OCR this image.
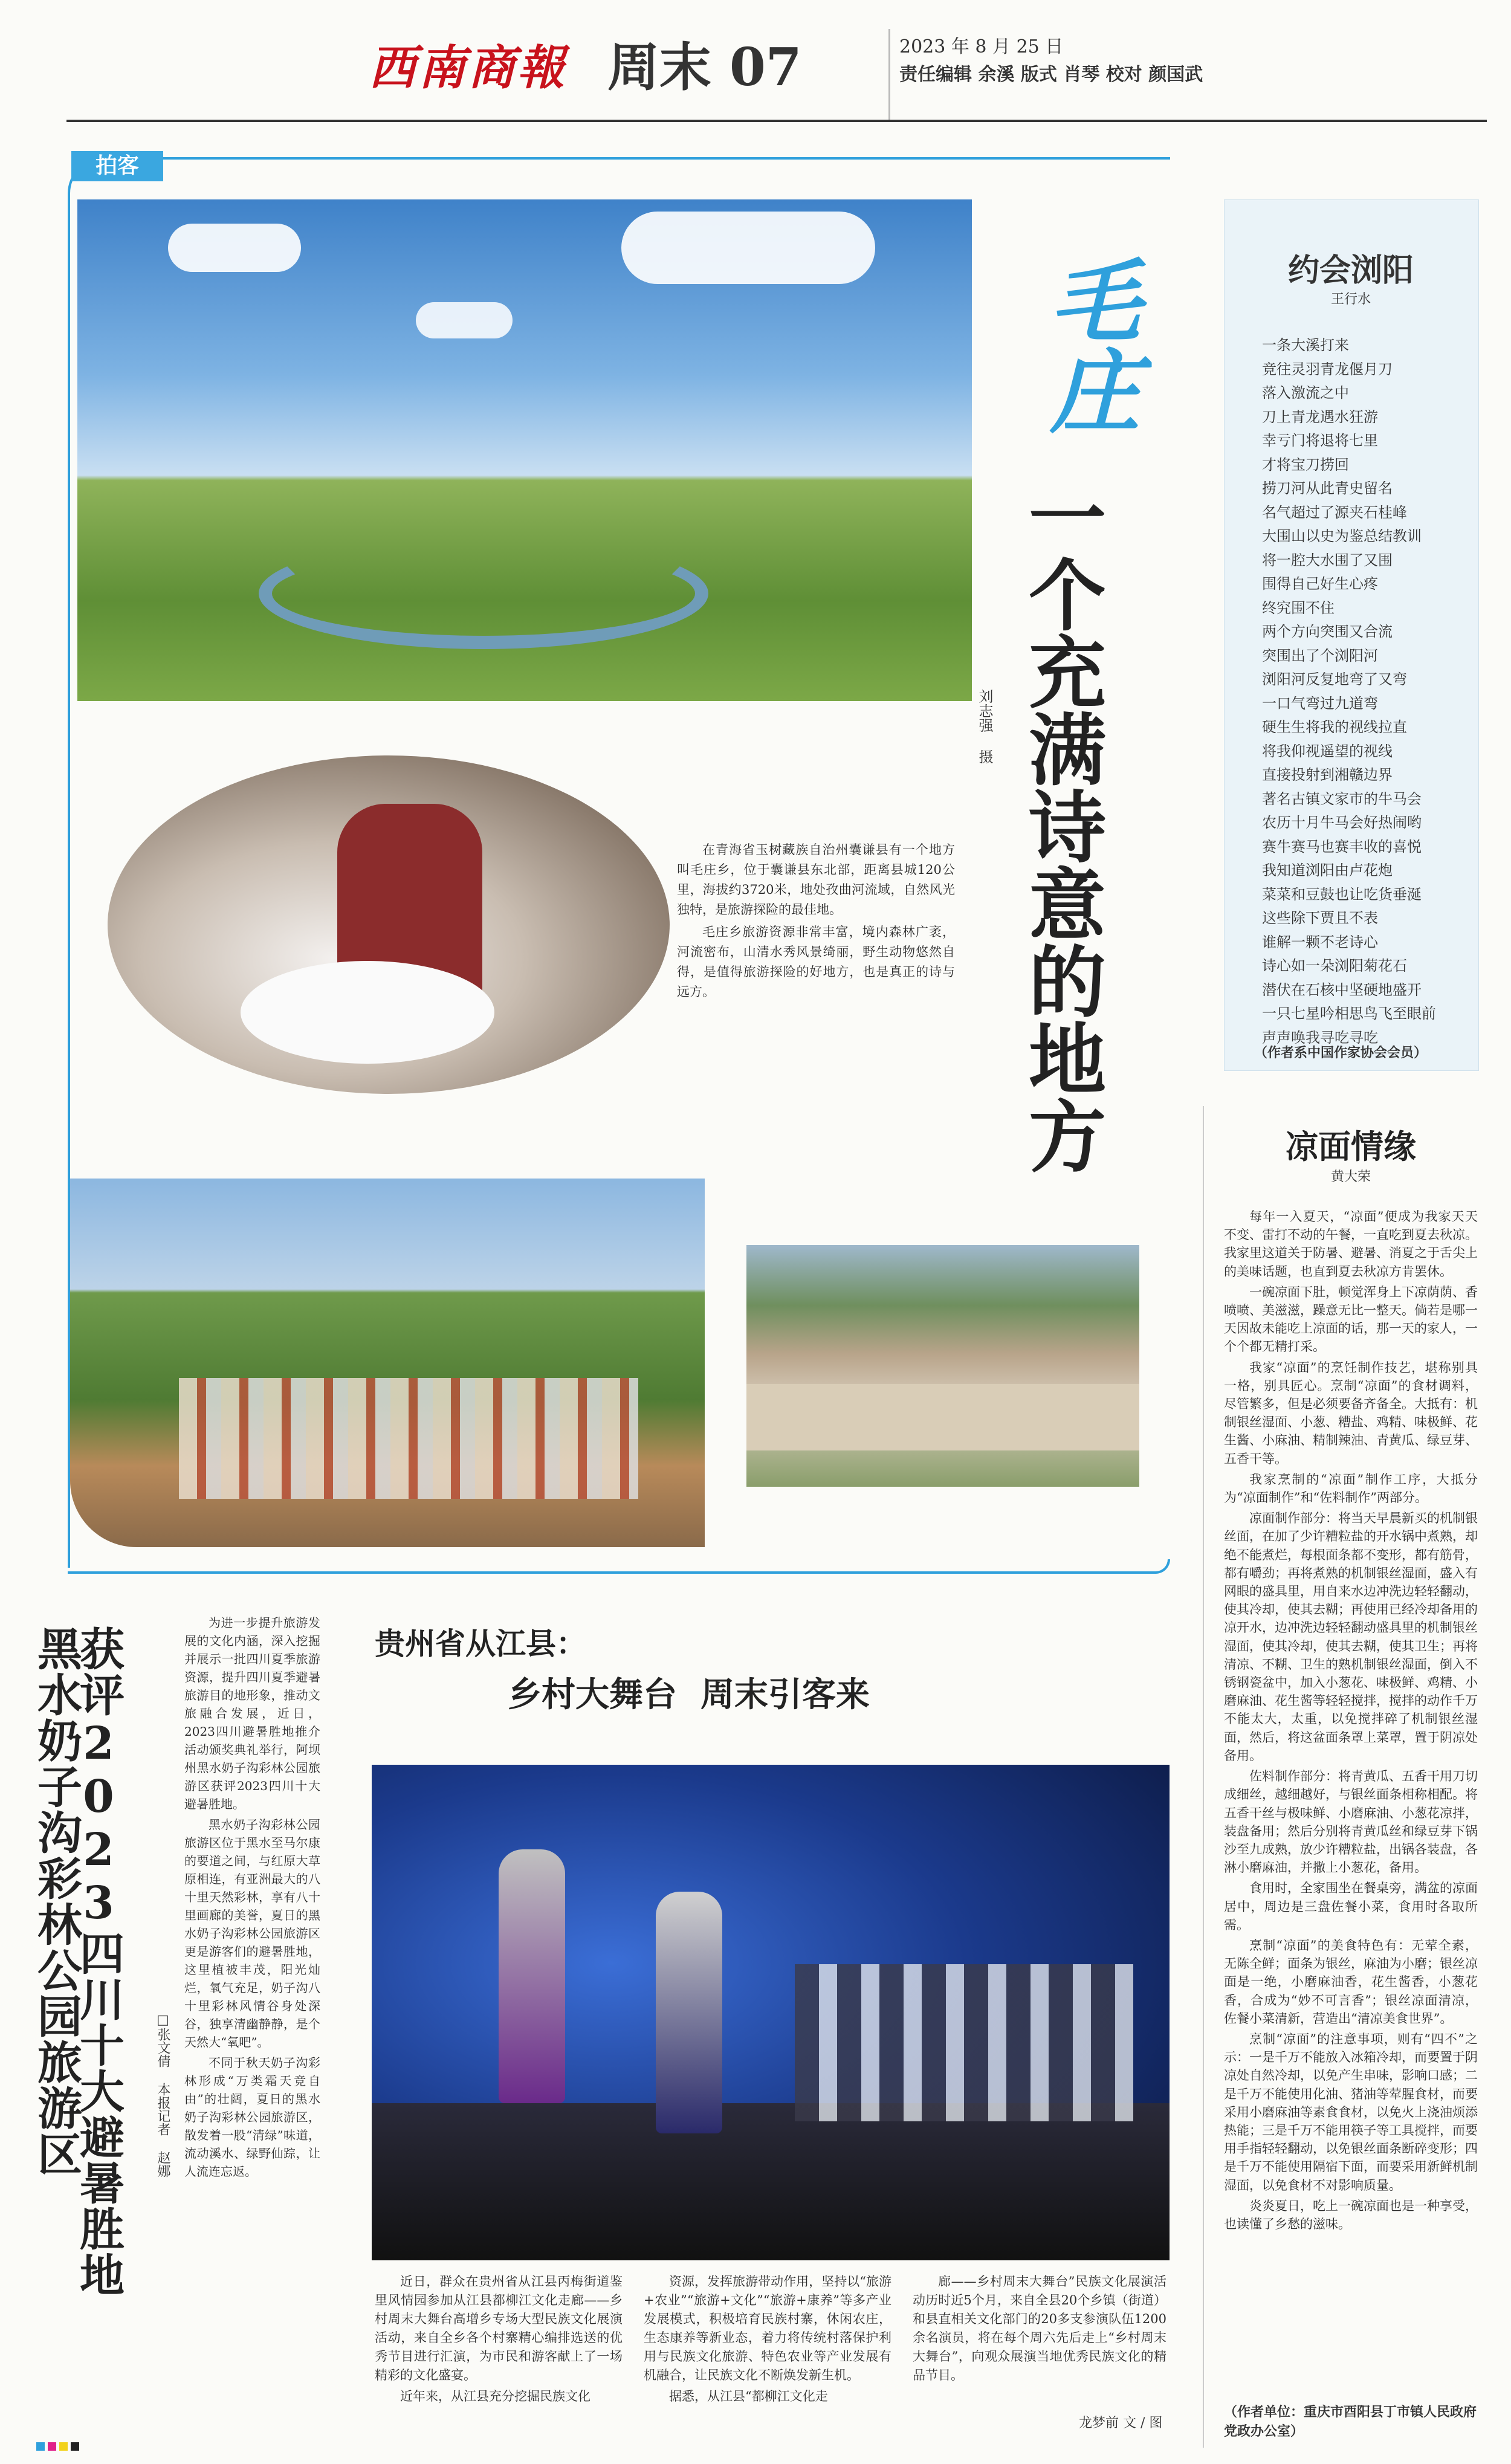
西南商報 周末 07	2023 年 8 月 25 日
责任编辑 余溪 版式 肖琴 校对 颜国武
拍客
毛庄
一个充满诗意的地方
刘志强 摄

在青海省玉树藏族自治州囊谦县有一个地方叫毛庄乡，位于囊谦县东北部，距离县城120公里，海拔约3720米，地处孜曲河流域，自然风光独特，是旅游探险的最佳地。

毛庄乡旅游资源非常丰富，境内森林广袤，河流密布，山清水秀风景绮丽，野生动物悠然自得，是值得旅游探险的好地方，也是真正的诗与远方。

约会浏阳
王行水
一条大溪打来
竞往灵羽青龙偃月刀
落入激流之中
刀上青龙遇水狂游
幸亏门将退将七里
才将宝刀捞回
捞刀河从此青史留名
名气超过了源夹石桂峰
大围山以史为鉴总结教训
将一腔大水围了又围
围得自己好生心疼
终究围不住
两个方向突围又合流
突围出了个浏阳河
浏阳河反复地弯了又弯
一口气弯过九道弯
硬生生将我的视线拉直
将我仰视遥望的视线
直接投射到湘赣边界
著名古镇文家市的牛马会
农历十月牛马会好热闹哟
赛牛赛马也赛丰收的喜悦
我知道浏阳由卢花炮
菜菜和豆鼓也让吃货垂涎
这些除下贾且不表
谁解一颗不老诗心
诗心如一朵浏阳菊花石
潜伏在石核中坚硬地盛开
一只七星吟相思鸟飞至眼前
声声唤我寻吃寻吃
（作者系中国作家协会会员）
凉面情缘
黄大荣

每年一入夏天，“凉面”便成为我家天天不变、雷打不动的午餐，一直吃到夏去秋凉。我家里这道关于防暑、避暑、消夏之于舌尖上的美味话题，也直到夏去秋凉方肯罢休。

一碗凉面下肚，顿觉浑身上下凉荫荫、香喷喷、美滋滋，躁意无比一整天。倘若是哪一天因故未能吃上凉面的话，那一天的家人，一个个都无精打采。

我家“凉面”的烹饪制作技艺，堪称别具一格，别具匠心。烹制“凉面”的食材调料，尽管繁多，但是必须要备齐备全。大抵有：机制银丝湿面、小葱、糟盐、鸡精、味极鲜、花生酱、小麻油、精制辣油、青黄瓜、绿豆芽、五香干等。

我家烹制的“凉面”制作工序，大抵分为“凉面制作”和“佐料制作”两部分。

凉面制作部分：将当天早晨新买的机制银丝面，在加了少许糟粒盐的开水锅中煮熟，却绝不能煮烂，每根面条都不变形，都有筋骨，都有嚼劲；再将煮熟的机制银丝湿面，盛入有网眼的盛具里，用自来水边冲洗边轻轻翻动，使其冷却，使其去糊；再使用已经冷却备用的凉开水，边冲洗边轻轻翻动盛具里的机制银丝湿面，使其冷却，使其去糊，使其卫生；再将清凉、不糊、卫生的熟机制银丝湿面，倒入不锈钢瓷盆中，加入小葱花、味极鲜、鸡精、小磨麻油、花生酱等轻轻搅拌，搅拌的动作千万不能太大，太重，以免搅拌碎了机制银丝湿面，然后，将这盆面条罩上菜罩，置于阴凉处备用。

佐料制作部分：将青黄瓜、五香干用刀切成细丝，越细越好，与银丝面条相称相配。将五香干丝与极味鲜、小磨麻油、小葱花凉拌，装盘备用；然后分别将青黄瓜丝和绿豆芽下锅沙至九成熟，放少许糟粒盐，出锅各装盘，各淋小磨麻油，并撒上小葱花，备用。

食用时，全家围坐在餐桌旁，满盆的凉面居中，周边是三盘佐餐小菜，食用时各取所需。

烹制“凉面”的美食特色有：无荤全素，无陈全鲜；面条为银丝，麻油为小磨；银丝凉面是一绝，小磨麻油香，花生酱香，小葱花香，合成为“妙不可言香”；银丝凉面清凉，佐餐小菜清新，营造出“清凉美食世界”。

烹制“凉面”的注意事项，则有“四不”之示：一是千万不能放入冰箱冷却，而要置于阴凉处自然冷却，以免产生串味，影响口感；二是千万不能使用化油、猪油等荤腥食材，而要采用小磨麻油等素食食材，以免火上浇油烦添热能；三是千万不能用筷子等工具搅拌，而要用手指轻轻翻动，以免银丝面条断碎变形；四是千万不能使用隔宿下面，而要采用新鲜机制湿面，以免食材不对影响质量。

炎炎夏日，吃上一碗凉面也是一种享受，也读懂了乡愁的滋味。

（作者单位：重庆市酉阳县丁市镇人民政府党政办公室）
获评2023四川十大避暑胜地
黑水奶子沟彩林公园旅游区	□张文倩 本报记者 赵娜

为进一步提升旅游发展的文化内涵，深入挖掘并展示一批四川夏季旅游资源，提升四川夏季避暑旅游目的地形象，推动文旅融合发展，近日，2023四川避暑胜地推介活动颁奖典礼举行，阿坝州黑水奶子沟彩林公园旅游区获评2023四川十大避暑胜地。

黑水奶子沟彩林公园旅游区位于黑水至马尔康的要道之间，与红原大草原相连，有亚洲最大的八十里天然彩林，享有八十里画廊的美誉，夏日的黑水奶子沟彩林公园旅游区更是游客们的避暑胜地，这里植被丰茂，阳光灿烂，氧气充足，奶子沟八十里彩林风情谷身处深谷，独享清幽静静，是个天然大“氧吧”。

不同于秋天奶子沟彩林形成“万类霜天竞自由”的壮阔，夏日的黑水奶子沟彩林公园旅游区，散发着一股“清绿”味道，流动溪水、绿野仙踪，让人流连忘返。

贵州省从江县：
乡村大舞台  周末引客来
龙梦前 文 / 图

近日，群众在贵州省从江县丙梅街道鉴里风情园参加从江县都柳江文化走廊——乡村周末大舞台高增乡专场大型民族文化展演活动，来自全乡各个村寨精心编排选送的优秀节目进行汇演，为市民和游客献上了一场精彩的文化盛宴。

近年来，从江县充分挖掘民族文化

资源，发挥旅游带动作用，坚持以“旅游+农业”“旅游+文化”“旅游+康养”等多产业发展模式，积极培育民族村寨，休闲农庄，生态康养等新业态，着力将传统村落保护利用与民族文化旅游、特色农业等产业发展有机融合，让民族文化不断焕发新生机。

据悉，从江县“都柳江文化走

廊——乡村周末大舞台”民族文化展演活动历时近5个月，来自全县20个乡镇（街道）和县直相关文化部门的20多支参演队伍1200余名演员，将在每个周六先后走上“乡村周末大舞台”，向观众展演当地优秀民族文化的精品节目。
